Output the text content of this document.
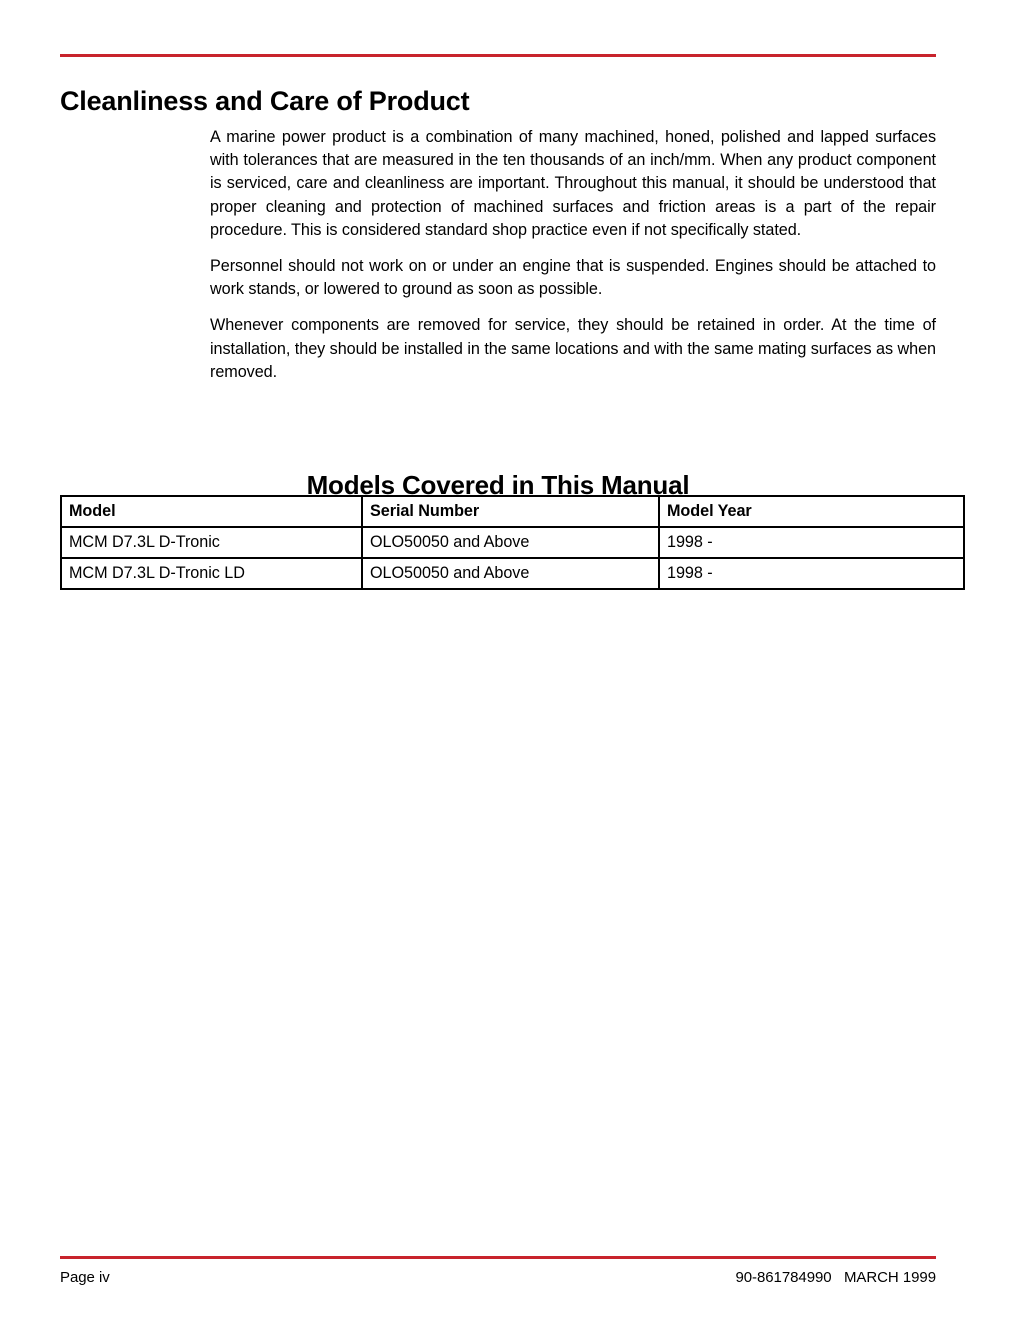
Cleanliness and Care of Product

A marine power product is a combination of many machined, honed, polished and lapped surfaces with tolerances that are measured in the ten thousands of an inch/mm. When any product component is serviced, care and cleanliness are important. Throughout this manual, it should be understood that proper cleaning and protection of machined surfaces and friction areas is a part of the repair procedure. This is considered standard shop practice even if not specifically stated.

Personnel should not work on or under an engine that is suspended. Engines should be attached to work stands, or lowered to ground as soon as possible.

Whenever components are removed for service, they should be retained in order. At the time of installation, they should be installed in the same locations and with the same mating surfaces as when removed.

Models Covered in This Manual
Model	Serial Number	Model Year
MCM D7.3L D-Tronic	OLO50050 and Above	1998 -
MCM D7.3L D-Tronic LD	OLO50050 and Above	1998 -
Page iv	90-861784990   MARCH 1999
